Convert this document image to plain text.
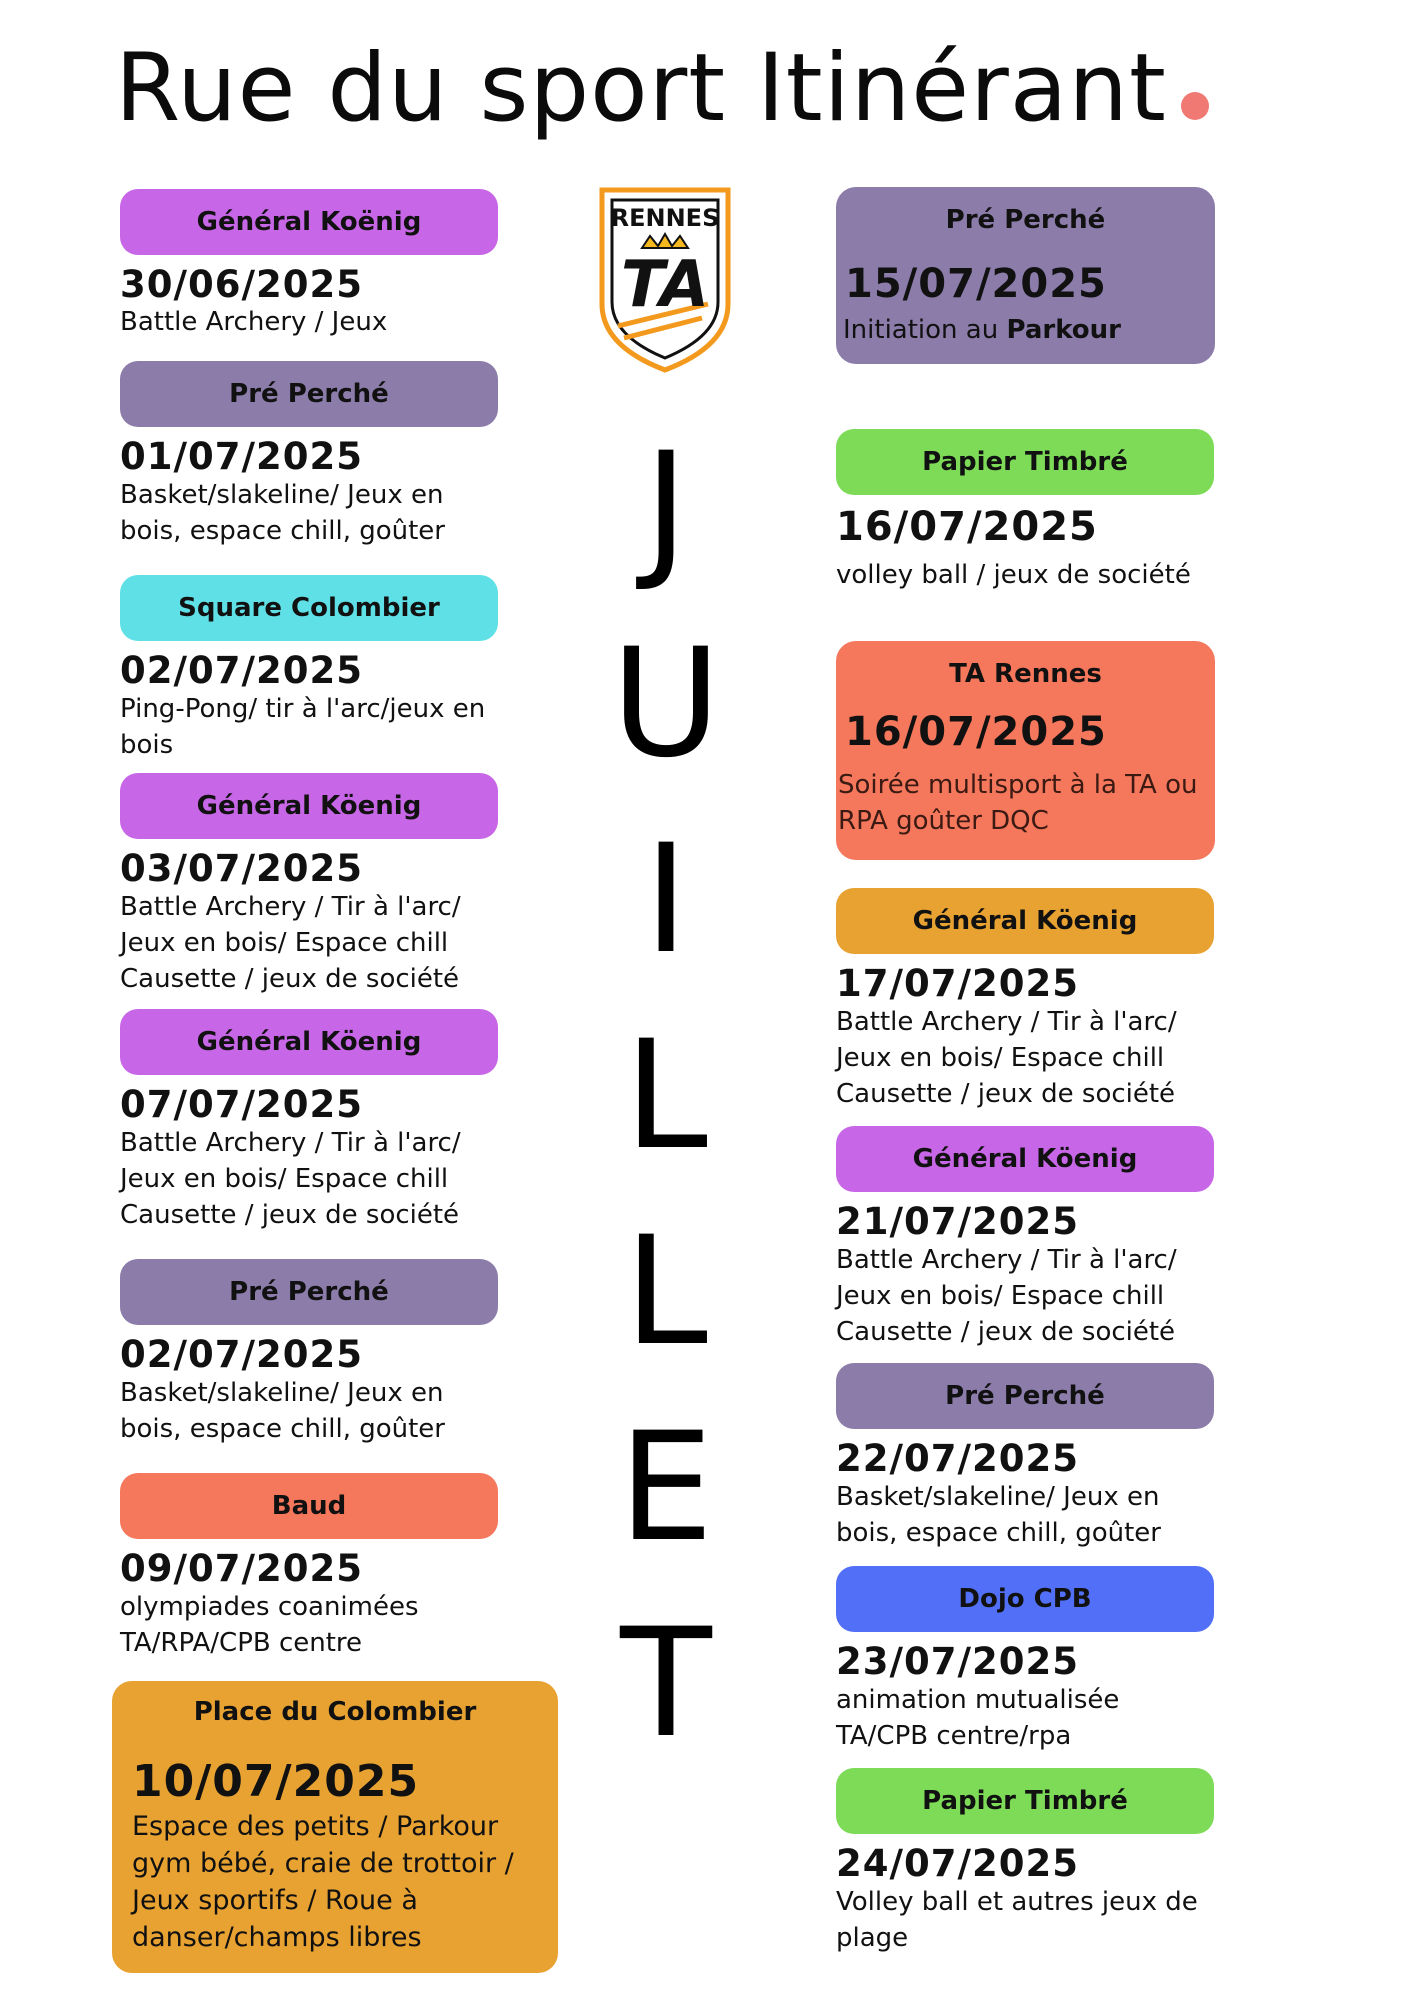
Rue du sport Itinérant
RENNES
TA
J
U
I
L
L
E
T
Général Koënig
30/06/2025
Battle Archery / Jeux
Pré Perché
01/07/2025
Basket/slakeline/ Jeux en
bois, espace chill, goûter
Square Colombier
02/07/2025
Ping-Pong/ tir à l'arc/jeux en
bois
Général Köenig
03/07/2025
Battle Archery / Tir à l'arc/
Jeux en bois/ Espace chill
Causette / jeux de société
Général Köenig
07/07/2025
Battle Archery / Tir à l'arc/
Jeux en bois/ Espace chill
Causette / jeux de société
Pré Perché
02/07/2025
Basket/slakeline/ Jeux en
bois, espace chill, goûter
Baud
09/07/2025
olympiades coanimées
TA/RPA/CPB centre
Place du Colombier
10/07/2025
Espace des petits / Parkour
gym bébé, craie de trottoir /
Jeux sportifs / Roue à
danser/champs libres
Pré Perché
15/07/2025
Initiation au Parkour
Papier Timbré
16/07/2025
volley ball / jeux de société
TA Rennes
16/07/2025
Soirée multisport à la TA ou
RPA goûter DQC
Général Köenig
17/07/2025
Battle Archery / Tir à l'arc/
Jeux en bois/ Espace chill
Causette / jeux de société
Général Köenig
21/07/2025
Battle Archery / Tir à l'arc/
Jeux en bois/ Espace chill
Causette / jeux de société
Pré Perché
22/07/2025
Basket/slakeline/ Jeux en
bois, espace chill, goûter
Dojo CPB
23/07/2025
animation mutualisée
TA/CPB centre/rpa
Papier Timbré
24/07/2025
Volley ball et autres jeux de
plage
